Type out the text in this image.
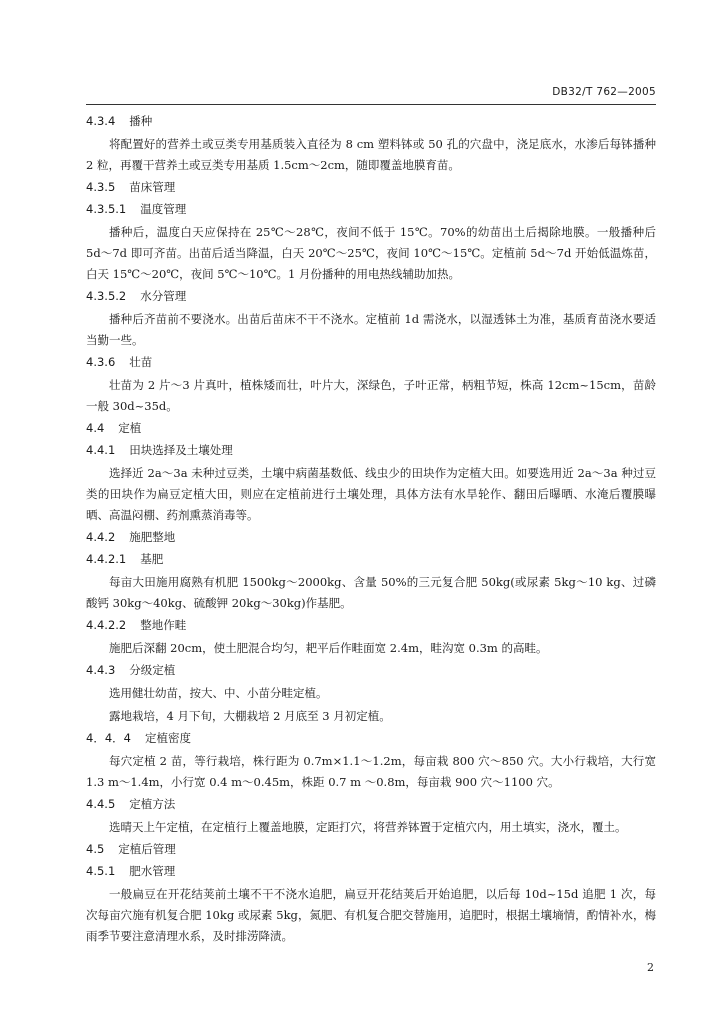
DB32/T 762—2005
4.3.4 播种

将配置好的营养土或豆类专用基质装入直径为 8 cm 塑料钵或 50 孔的穴盘中，浇足底水，水渗后每钵播种 2 粒，再覆干营养土或豆类专用基质 1.5cm～2cm，随即覆盖地膜育苗。

4.3.5 苗床管理
4.3.5.1 温度管理

播种后，温度白天应保持在 25℃～28℃，夜间不低于 15℃。70%的幼苗出土后揭除地膜。一般播种后 5d～7d 即可齐苗。出苗后适当降温，白天 20℃～25℃，夜间 10℃～15℃。定植前 5d～7d 开始低温炼苗，白天 15℃～20℃，夜间 5℃～10℃。1 月份播种的用电热线辅助加热。

4.3.5.2 水分管理

播种后齐苗前不要浇水。出苗后苗床不干不浇水。定植前 1d 需浇水，以湿透钵土为准，基质育苗浇水要适当勤一些。

4.3.6 壮苗

壮苗为 2 片～3 片真叶，植株矮而壮，叶片大，深绿色，子叶正常，柄粗节短，株高 12cm~15cm，苗龄一般 30d~35d。

4.4 定植
4.4.1 田块选择及土壤处理

选择近 2a～3a 未种过豆类，土壤中病菌基数低、线虫少的田块作为定植大田。如要选用近 2a～3a 种过豆类的田块作为扁豆定植大田，则应在定植前进行土壤处理，具体方法有水旱轮作、翻田后曝晒、水淹后覆膜曝晒、高温闷棚、药剂熏蒸消毒等。

4.4.2 施肥整地
4.4.2.1 基肥

每亩大田施用腐熟有机肥 1500kg～2000kg、含量 50%的三元复合肥 50kg(或尿素 5kg～10 kg、过磷酸钙 30kg～40kg、硫酸钾 20kg～30kg)作基肥。

4.4.2.2 整地作畦

施肥后深翻 20cm，使土肥混合均匀，耙平后作畦面宽 2.4m，畦沟宽 0.3m 的高畦。

4.4.3 分级定植

选用健壮幼苗，按大、中、小苗分畦定植。

露地栽培，4 月下旬，大棚栽培 2 月底至 3 月初定植。

4．4．4 定植密度

每穴定植 2 苗，等行栽培，株行距为 0.7m×1.1～1.2m，每亩栽 800 穴～850 穴。大小行栽培，大行宽 1.3 m～1.4m，小行宽 0.4 m～0.45m，株距 0.7 m ～0.8m，每亩栽 900 穴～1100 穴。

4.4.5 定植方法

选晴天上午定植，在定植行上覆盖地膜，定距打穴，将营养钵置于定植穴内，用土填实，浇水，覆土。

4.5 定植后管理
4.5.1 肥水管理

一般扁豆在开花结荚前土壤不干不浇水追肥，扁豆开花结荚后开始追肥，以后每 10d~15d 追肥 1 次，每次每亩穴施有机复合肥 10kg 或尿素 5kg，氮肥、有机复合肥交替施用，追肥时，根据土壤墒情，酌情补水，梅雨季节要注意清理水系，及时排涝降渍。

2
